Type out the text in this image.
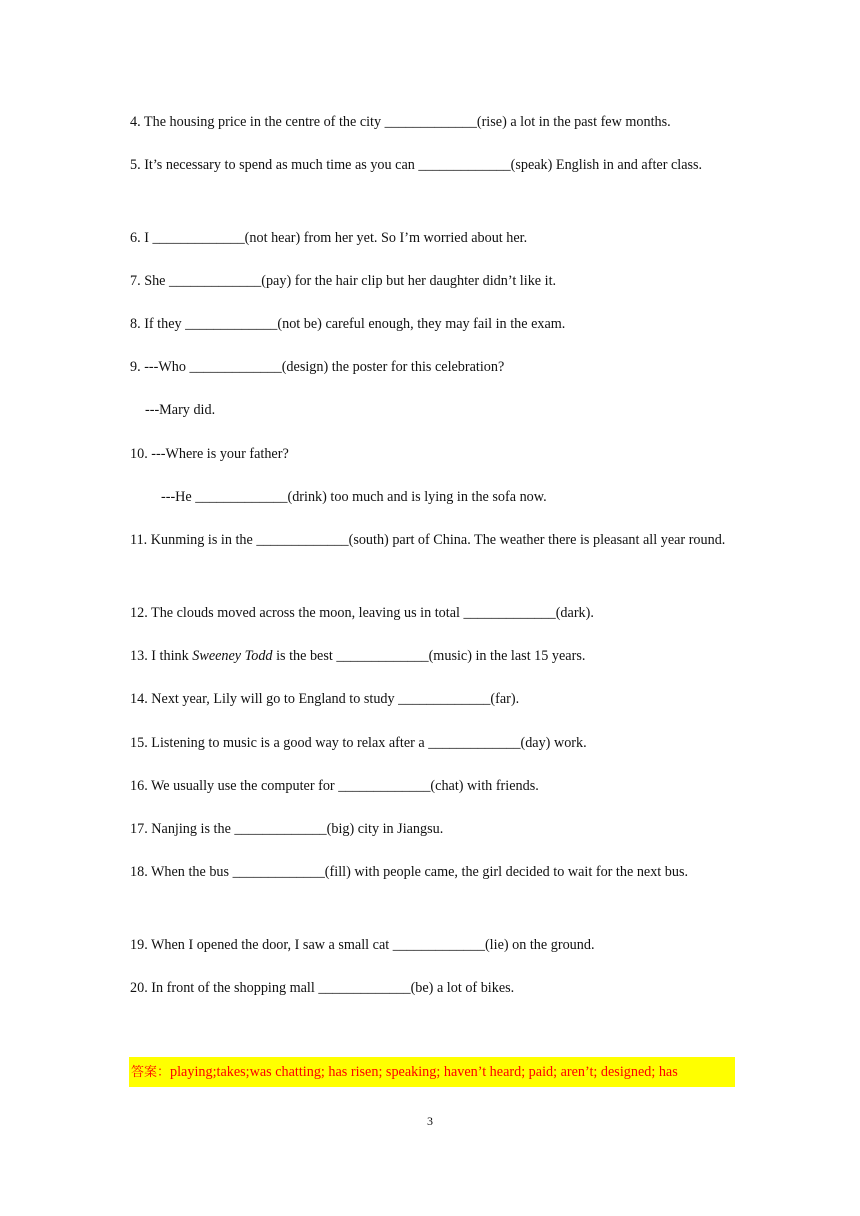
4. The housing price in the centre of the city _____________(rise) a lot in the past few months.
5. It’s necessary to spend as much time as you can _____________(speak) English in and after class.
6. I _____________(not hear) from her yet. So I’m worried about her.
7. She _____________(pay) for the hair clip but her daughter didn’t like it.
8. If they _____________(not be) careful enough, they may fail in the exam.
9. ---Who _____________(design) the poster for this celebration?
---Mary did.
10. ---Where is your father?
---He _____________(drink) too much and is lying in the sofa now.
11. Kunming is in the _____________(south) part of China. The weather there is pleasant all year round.
12. The clouds moved across the moon, leaving us in total _____________(dark).
13. I think Sweeney Todd is the best _____________(music) in the last 15 years.
14. Next year, Lily will go to England to study _____________(far).
15. Listening to music is a good way to relax after a _____________(day) work.
16. We usually use the computer for _____________(chat) with friends.
17. Nanjing is the _____________(big) city in Jiangsu.
18. When the bus _____________(fill) with people came, the girl decided to wait for the next bus.
19. When I opened the door, I saw a small cat _____________(lie) on the ground.
20. In front of the shopping mall _____________(be) a lot of bikes.
答案：playing;takes;was chatting; has risen; speaking; haven’t heard; paid; aren’t; designed; has
3
